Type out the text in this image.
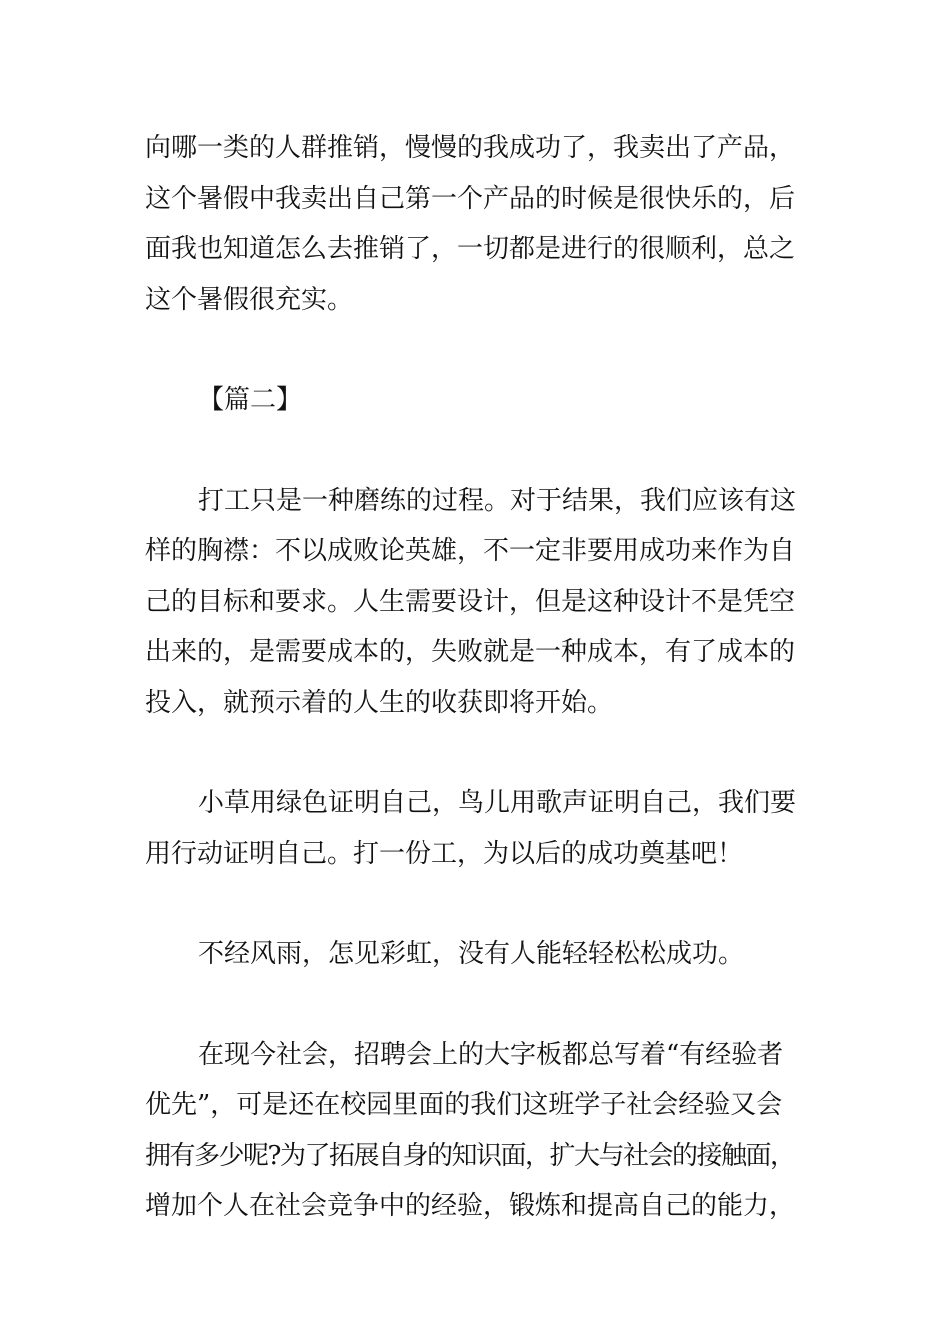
向哪一类的人群推销，慢慢的我成功了，我卖出了产品，
这个暑假中我卖出自己第一个产品的时候是很快乐的，后
面我也知道怎么去推销了，一切都是进行的很顺利，总之
这个暑假很充实。
【篇二】
打工只是一种磨练的过程。对于结果，我们应该有这
样的胸襟：不以成败论英雄，不一定非要用成功来作为自
己的目标和要求。人生需要设计，但是这种设计不是凭空
出来的，是需要成本的，失败就是一种成本，有了成本的
投入，就预示着的人生的收获即将开始。
小草用绿色证明自己，鸟儿用歌声证明自己，我们要
用行动证明自己。打一份工，为以后的成功奠基吧！
不经风雨，怎见彩虹，没有人能轻轻松松成功。
在现今社会，招聘会上的大字板都总写着“有经验者
优先”，可是还在校园里面的我们这班学子社会经验又会
拥有多少呢?为了拓展自身的知识面，扩大与社会的接触面，
增加个人在社会竞争中的经验，锻炼和提高自己的能力，
